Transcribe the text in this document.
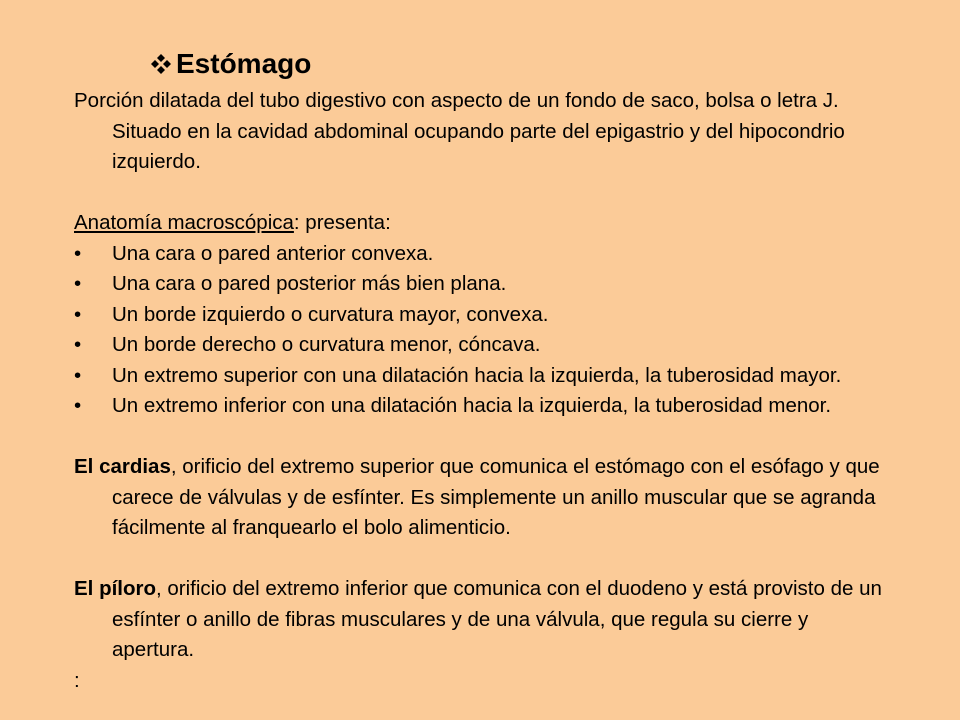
Estómago

Porción dilatada del tubo digestivo con aspecto de un fondo de saco, bolsa o letra J. Situado en la cavidad abdominal ocupando parte del epigastrio y del hipocondrio izquierdo.

Anatomía macroscópica: presenta:

• Una cara o pared anterior convexa.
• Una cara o pared posterior más bien plana.
• Un borde izquierdo o curvatura mayor, convexa.
• Un borde derecho o curvatura menor, cóncava.
• Un extremo superior con una dilatación hacia la izquierda, la tuberosidad mayor.
• Un extremo inferior con una dilatación hacia la izquierda, la tuberosidad menor.

El cardias, orificio del extremo superior que comunica el estómago con el esófago y que carece de válvulas y de esfínter. Es simplemente un anillo muscular que se agranda fácilmente al franquearlo el bolo alimenticio.

El píloro, orificio del extremo inferior que comunica con el duodeno y está provisto de un esfínter o anillo de fibras musculares y de una válvula, que regula su cierre y apertura.

:
